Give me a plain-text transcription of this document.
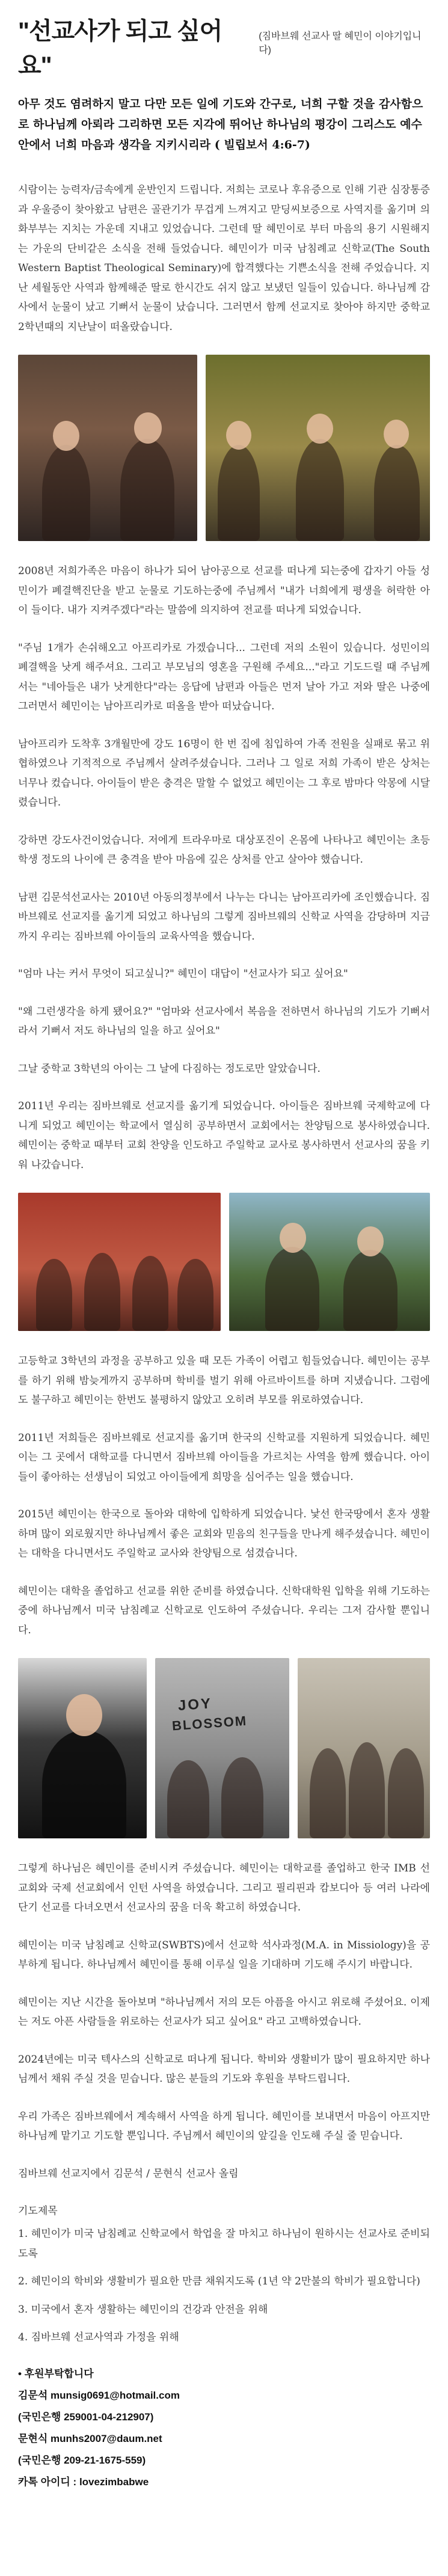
"선교사가 되고 싶어요"
(짐바브웨 선교사 딸 혜민이 이야기입니다)
아무 것도 염려하지 말고 다만 모든 일에 기도와 간구로, 너희 구할 것을 감사함으로 하나님께 아뢰라 그리하면 모든 지각에 뛰어난 하나님의 평강이 그리스도 예수 안에서 너희 마음과 생각을 지키시리라 ( 빌립보서 4:6-7)

시람이는 능력자/금속에게 운반인지 드립니다. 저희는 코로나 후유증으로 인해 기관 심장통증과 우울증이 찾아왔고 남편은 골관기가 무겁게 느껴지고 맏딩씨보증으로 사역지를 옮기며 의화부부는 지치는 가운데 지내고 있었습니다. 그런데 딸 혜민이로 부터 마음의 용기 시원해지는 가운의 단비같은 소식을 전해 들었습니다. 혜민이가 미국 남침례교 신학교(The South Western Baptist Theological Seminary)에 합격했다는 기쁜소식을 전해 주었습니다. 지난 세월동안 사역과 함께해준 딸로 한시간도 쉬지 않고 보냈던 일들이 있습니다. 하나님께 감사에서 눈물이 났고 기뻐서 눈물이 났습니다. 그러면서 함께 선교지로 찾아야 하지만 중학교 2학년때의 지난날이 떠올랐습니다.

2008년 저희가족은 마음이 하나가 되어 남아공으로 선교를 떠나게 되는중에 갑자기 아들 성민이가 폐결핵진단을 받고 눈물로 기도하는중에 주님께서 "내가 너희에게 평생을 허락한 아이 들이다. 내가 지켜주겠다"라는 말씀에 의지하여 전교를 떠나게 되었습니다.

"주님 1개가 손쉬해오고 아프리카로 가겠습니다... 그런데 저의 소원이 있습니다. 성민이의 폐결핵을 낫게 해주셔요. 그리고 부모님의 영혼을 구원해 주세요..."라고 기도드릴 때 주님께서는 "네아들은 내가 낫게한다"라는 응답에 남편과 아들은 먼저 날아 가고 저와 딸은 나중에 그러면서 혜민이는 남아프리카로 떠올을 받아 떠났습니다.

남아프리카 도착후 3개월만에 강도 16명이 한 번 집에 침입하여 가족 전원을 실패로 묶고 위협하였으나 기적적으로 주님께서 살려주셨습니다. 그러나 그 일로 저희 가족이 받은 상처는 너무나 컸습니다. 아이들이 받은 충격은 말할 수 없었고 혜민이는 그 후로 밤마다 악몽에 시달렸습니다.

강하면 강도사건이었습니다. 저에게 트라우마로 대상포진이 온몸에 나타나고 혜민이는 초등학생 정도의 나이에 큰 충격을 받아 마음에 깊은 상처를 안고 살아야 했습니다.

남편 김문석선교사는 2010년 아동의정부에서 나누는 다니는 남아프리카에 조인했습니다. 짐바브웨로 선교지를 옮기게 되었고 하나님의 그렇게 짐바브웨의 신학교 사역을 감당하며 지금 까지 우리는 짐바브웨 아이들의 교육사역을 했습니다.

"엄마 나는 커서 무엇이 되고싶니?" 혜민이 대답이 "선교사가 되고 싶어요"

"왜 그런생각을 하게 됐어요?" "엄마와 선교사에서 복음을 전하면서 하나님의 기도가 기뻐서 라서 기뻐서 저도 하나님의 일을 하고 싶어요"

그날 중학교 3학년의 아이는 그 날에 다짐하는 정도로만 알았습니다.

2011년 우리는 짐바브웨로 선교지를 옮기게 되었습니다. 아이들은 짐바브웨 국제학교에 다니게 되었고 혜민이는 학교에서 열심히 공부하면서 교회에서는 찬양팀으로 봉사하였습니다. 혜민이는 중학교 때부터 교회 찬양을 인도하고 주일학교 교사로 봉사하면서 선교사의 꿈을 키워 나갔습니다.

고등학교 3학년의 과정을 공부하고 있을 때 모든 가족이 어렵고 힘들었습니다. 혜민이는 공부를 하기 위해 밤늦게까지 공부하며 학비를 벌기 위해 아르바이트를 하며 지냈습니다. 그럼에도 불구하고 혜민이는 한번도 불평하지 않았고 오히려 부모를 위로하였습니다.

2011년 저희들은 짐바브웨로 선교지를 옮기며 한국의 신학교를 지원하게 되었습니다. 혜민이는 그 곳에서 대학교를 다니면서 짐바브웨 아이들을 가르치는 사역을 함께 했습니다. 아이들이 좋아하는 선생님이 되었고 아이들에게 희망을 심어주는 일을 했습니다.

2015년 혜민이는 한국으로 돌아와 대학에 입학하게 되었습니다. 낯선 한국땅에서 혼자 생활하며 많이 외로웠지만 하나님께서 좋은 교회와 믿음의 친구들을 만나게 해주셨습니다. 혜민이는 대학을 다니면서도 주일학교 교사와 찬양팀으로 섬겼습니다.

혜민이는 대학을 졸업하고 선교를 위한 준비를 하였습니다. 신학대학원 입학을 위해 기도하는 중에 하나님께서 미국 남침례교 신학교로 인도하여 주셨습니다. 우리는 그저 감사할 뿐입니다.

JOY
BLOSSOM

그렇게 하나님은 혜민이를 준비시켜 주셨습니다. 혜민이는 대학교를 졸업하고 한국 IMB 선교회와 국제 선교회에서 인턴 사역을 하였습니다. 그리고 필리핀과 캄보디아 등 여러 나라에 단기 선교를 다녀오면서 선교사의 꿈을 더욱 확고히 하였습니다.

혜민이는 미국 남침례교 신학교(SWBTS)에서 선교학 석사과정(M.A. in Missiology)을 공부하게 됩니다. 하나님께서 혜민이를 통해 이루실 일을 기대하며 기도해 주시기 바랍니다.

혜민이는 지난 시간을 돌아보며 "하나님께서 저의 모든 아픔을 아시고 위로해 주셨어요. 이제는 저도 아픈 사람들을 위로하는 선교사가 되고 싶어요" 라고 고백하였습니다.

2024년에는 미국 텍사스의 신학교로 떠나게 됩니다. 학비와 생활비가 많이 필요하지만 하나님께서 채워 주실 것을 믿습니다. 많은 분들의 기도와 후원을 부탁드립니다.

우리 가족은 짐바브웨에서 계속해서 사역을 하게 됩니다. 혜민이를 보내면서 마음이 아프지만 하나님께 맡기고 기도할 뿐입니다. 주님께서 혜민이의 앞길을 인도해 주실 줄 믿습니다.

짐바브웨 선교지에서 김문석 / 문현식 선교사 올림

기도제목

1. 혜민이가 미국 남침례교 신학교에서 학업을 잘 마치고 하나님이 원하시는 선교사로 준비되도록

2. 혜민이의 학비와 생활비가 필요한 만큼 채워지도록 (1년 약 2만불의 학비가 필요합니다)

3. 미국에서 혼자 생활하는 혜민이의 건강과 안전을 위해

4. 짐바브웨 선교사역과 가정을 위해

• 후원부탁합니다
김문석 munsig0691@hotmail.com
(국민은행 259001-04-212907)
문현식 munhs2007@daum.net
(국민은행 209-21-1675-559)
카톡 아이디 : lovezimbabwe
